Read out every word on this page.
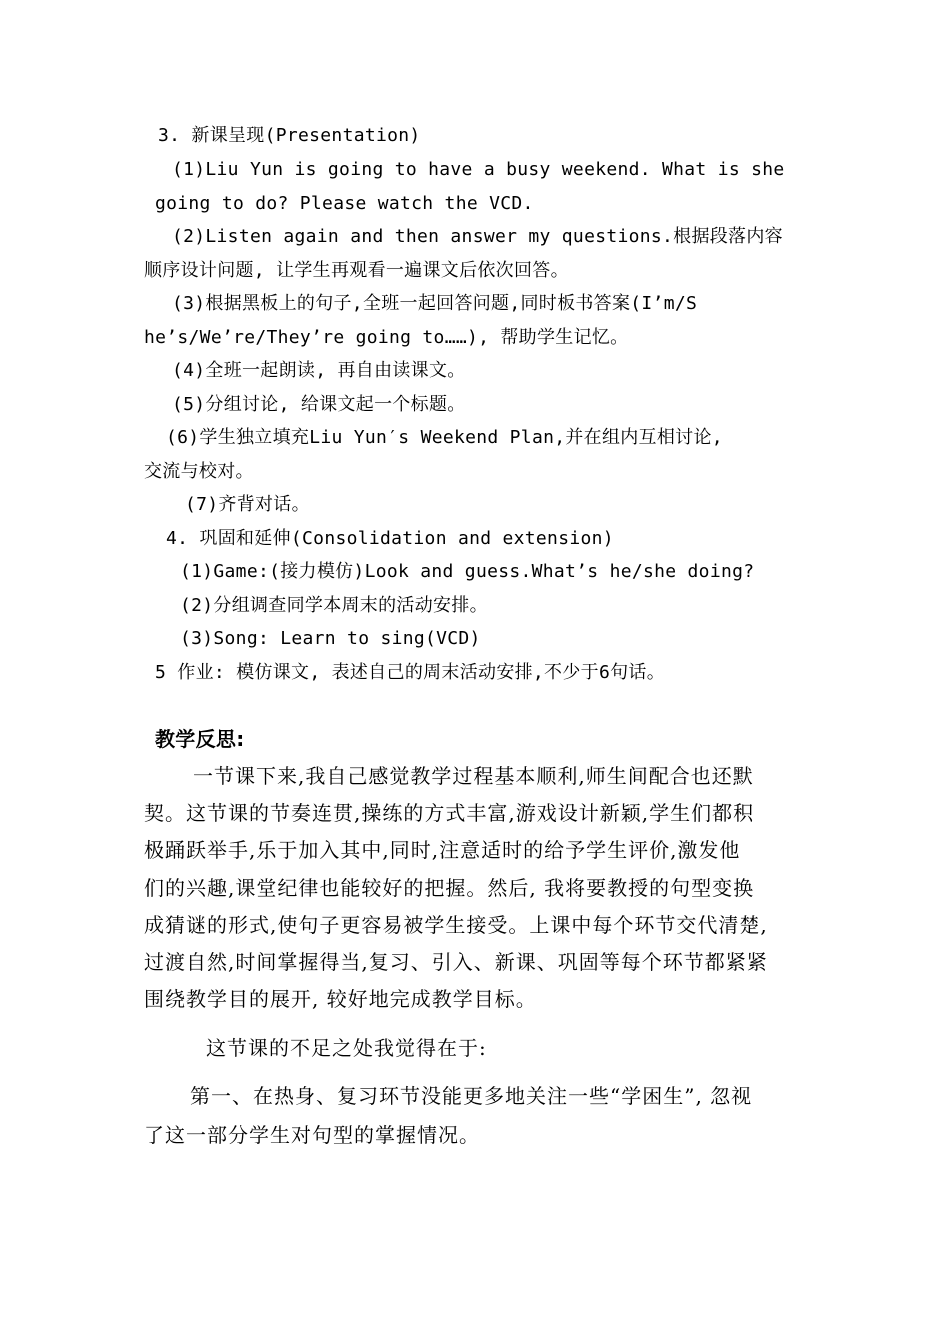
3. 新课呈现(Presentation)
(1)Liu Yun is going to have a busy weekend. What is she
going to do? Please watch the VCD.
(2)Listen again and then answer my questions.根据段落内容
顺序设计问题, 让学生再观看一遍课文后依次回答。
(3)根据黑板上的句子,全班一起回答问题,同时板书答案(I’m/S
he’s/We’re/They’re going to……), 帮助学生记忆。
(4)全班一起朗读, 再自由读课文。
(5)分组讨论, 给课文起一个标题。
(6)学生独立填充Liu Yun′s Weekend Plan,并在组内互相讨论,
交流与校对。
(7)齐背对话。
4. 巩固和延伸(Consolidation and extension)
(1)Game:(接力模仿)Look and guess.What’s he/she doing?
(2)分组调查同学本周末的活动安排。
(3)Song: Learn to sing(VCD)
5 作业: 模仿课文, 表述自己的周末活动安排,不少于6句话。
教学反思:
一节课下来,我自己感觉教学过程基本顺利,师生间配合也还默
契。这节课的节奏连贯,操练的方式丰富,游戏设计新颖,学生们都积
极踊跃举手,乐于加入其中,同时,注意适时的给予学生评价,激发他
们的兴趣,课堂纪律也能较好的把握。然后, 我将要教授的句型变换
成猜谜的形式,使句子更容易被学生接受。上课中每个环节交代清楚,
过渡自然,时间掌握得当,复习、引入、新课、巩固等每个环节都紧紧
围绕教学目的展开, 较好地完成教学目标。
这节课的不足之处我觉得在于:
第一、在热身、复习环节没能更多地关注一些“学困生”, 忽视
了这一部分学生对句型的掌握情况。
